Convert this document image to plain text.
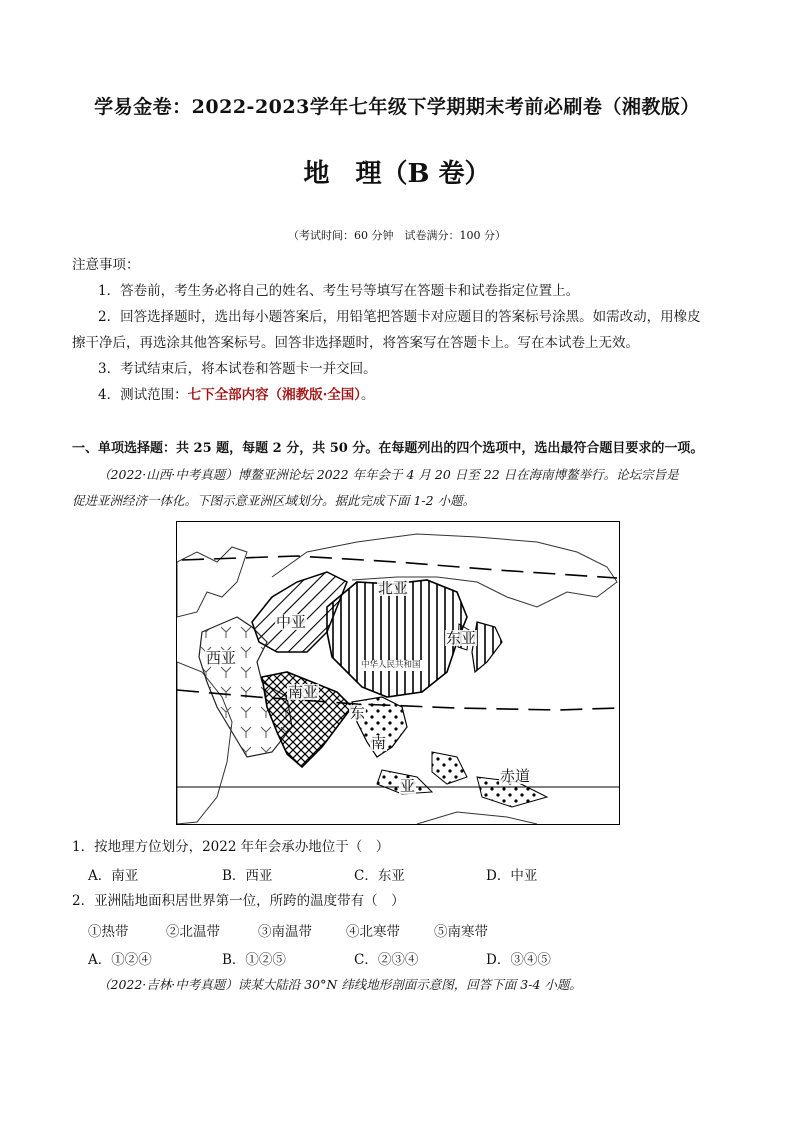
学易金卷：2022-2023学年七年级下学期期末考前必刷卷（湘教版）
地　理（B 卷）
（考试时间：60 分钟　试卷满分：100 分）
注意事项：
1．答卷前，考生务必将自己的姓名、考生号等填写在答题卡和试卷指定位置上。
2．回答选择题时，选出每小题答案后，用铅笔把答题卡对应题目的答案标号涂黑。如需改动，用橡皮
擦干净后，再选涂其他答案标号。回答非选择题时，将答案写在答题卡上。写在本试卷上无效。
3．考试结束后，将本试卷和答题卡一并交回。
4．测试范围：七下全部内容（湘教版·全国）。
一、单项选择题：共 25 题，每题 2 分，共 50 分。在每题列出的四个选项中，选出最符合题目要求的一项。
（2022·山西·中考真题）博鳌亚洲论坛 2022 年年会于 4 月 20 日至 22 日在海南博鳌举行。论坛宗旨是
促进亚洲经济一体化。下图示意亚洲区域划分。据此完成下面 1-2 小题。
北亚
中亚
东亚
西亚	中华人民共和国
南亚
东
南
亚
赤道
1．按地理方位划分，2022 年年会承办地位于（　）
A．南亚	B．西亚	C．东亚	D．中亚
2．亚洲陆地面积居世界第一位，所跨的温度带有（　）
①热带	②北温带	③南温带	④北寒带	⑤南寒带
A．①②④	B．①②⑤	C．②③④	D．③④⑤
（2022·吉林·中考真题）读某大陆沿 30°N 纬线地形剖面示意图，回答下面 3-4 小题。
